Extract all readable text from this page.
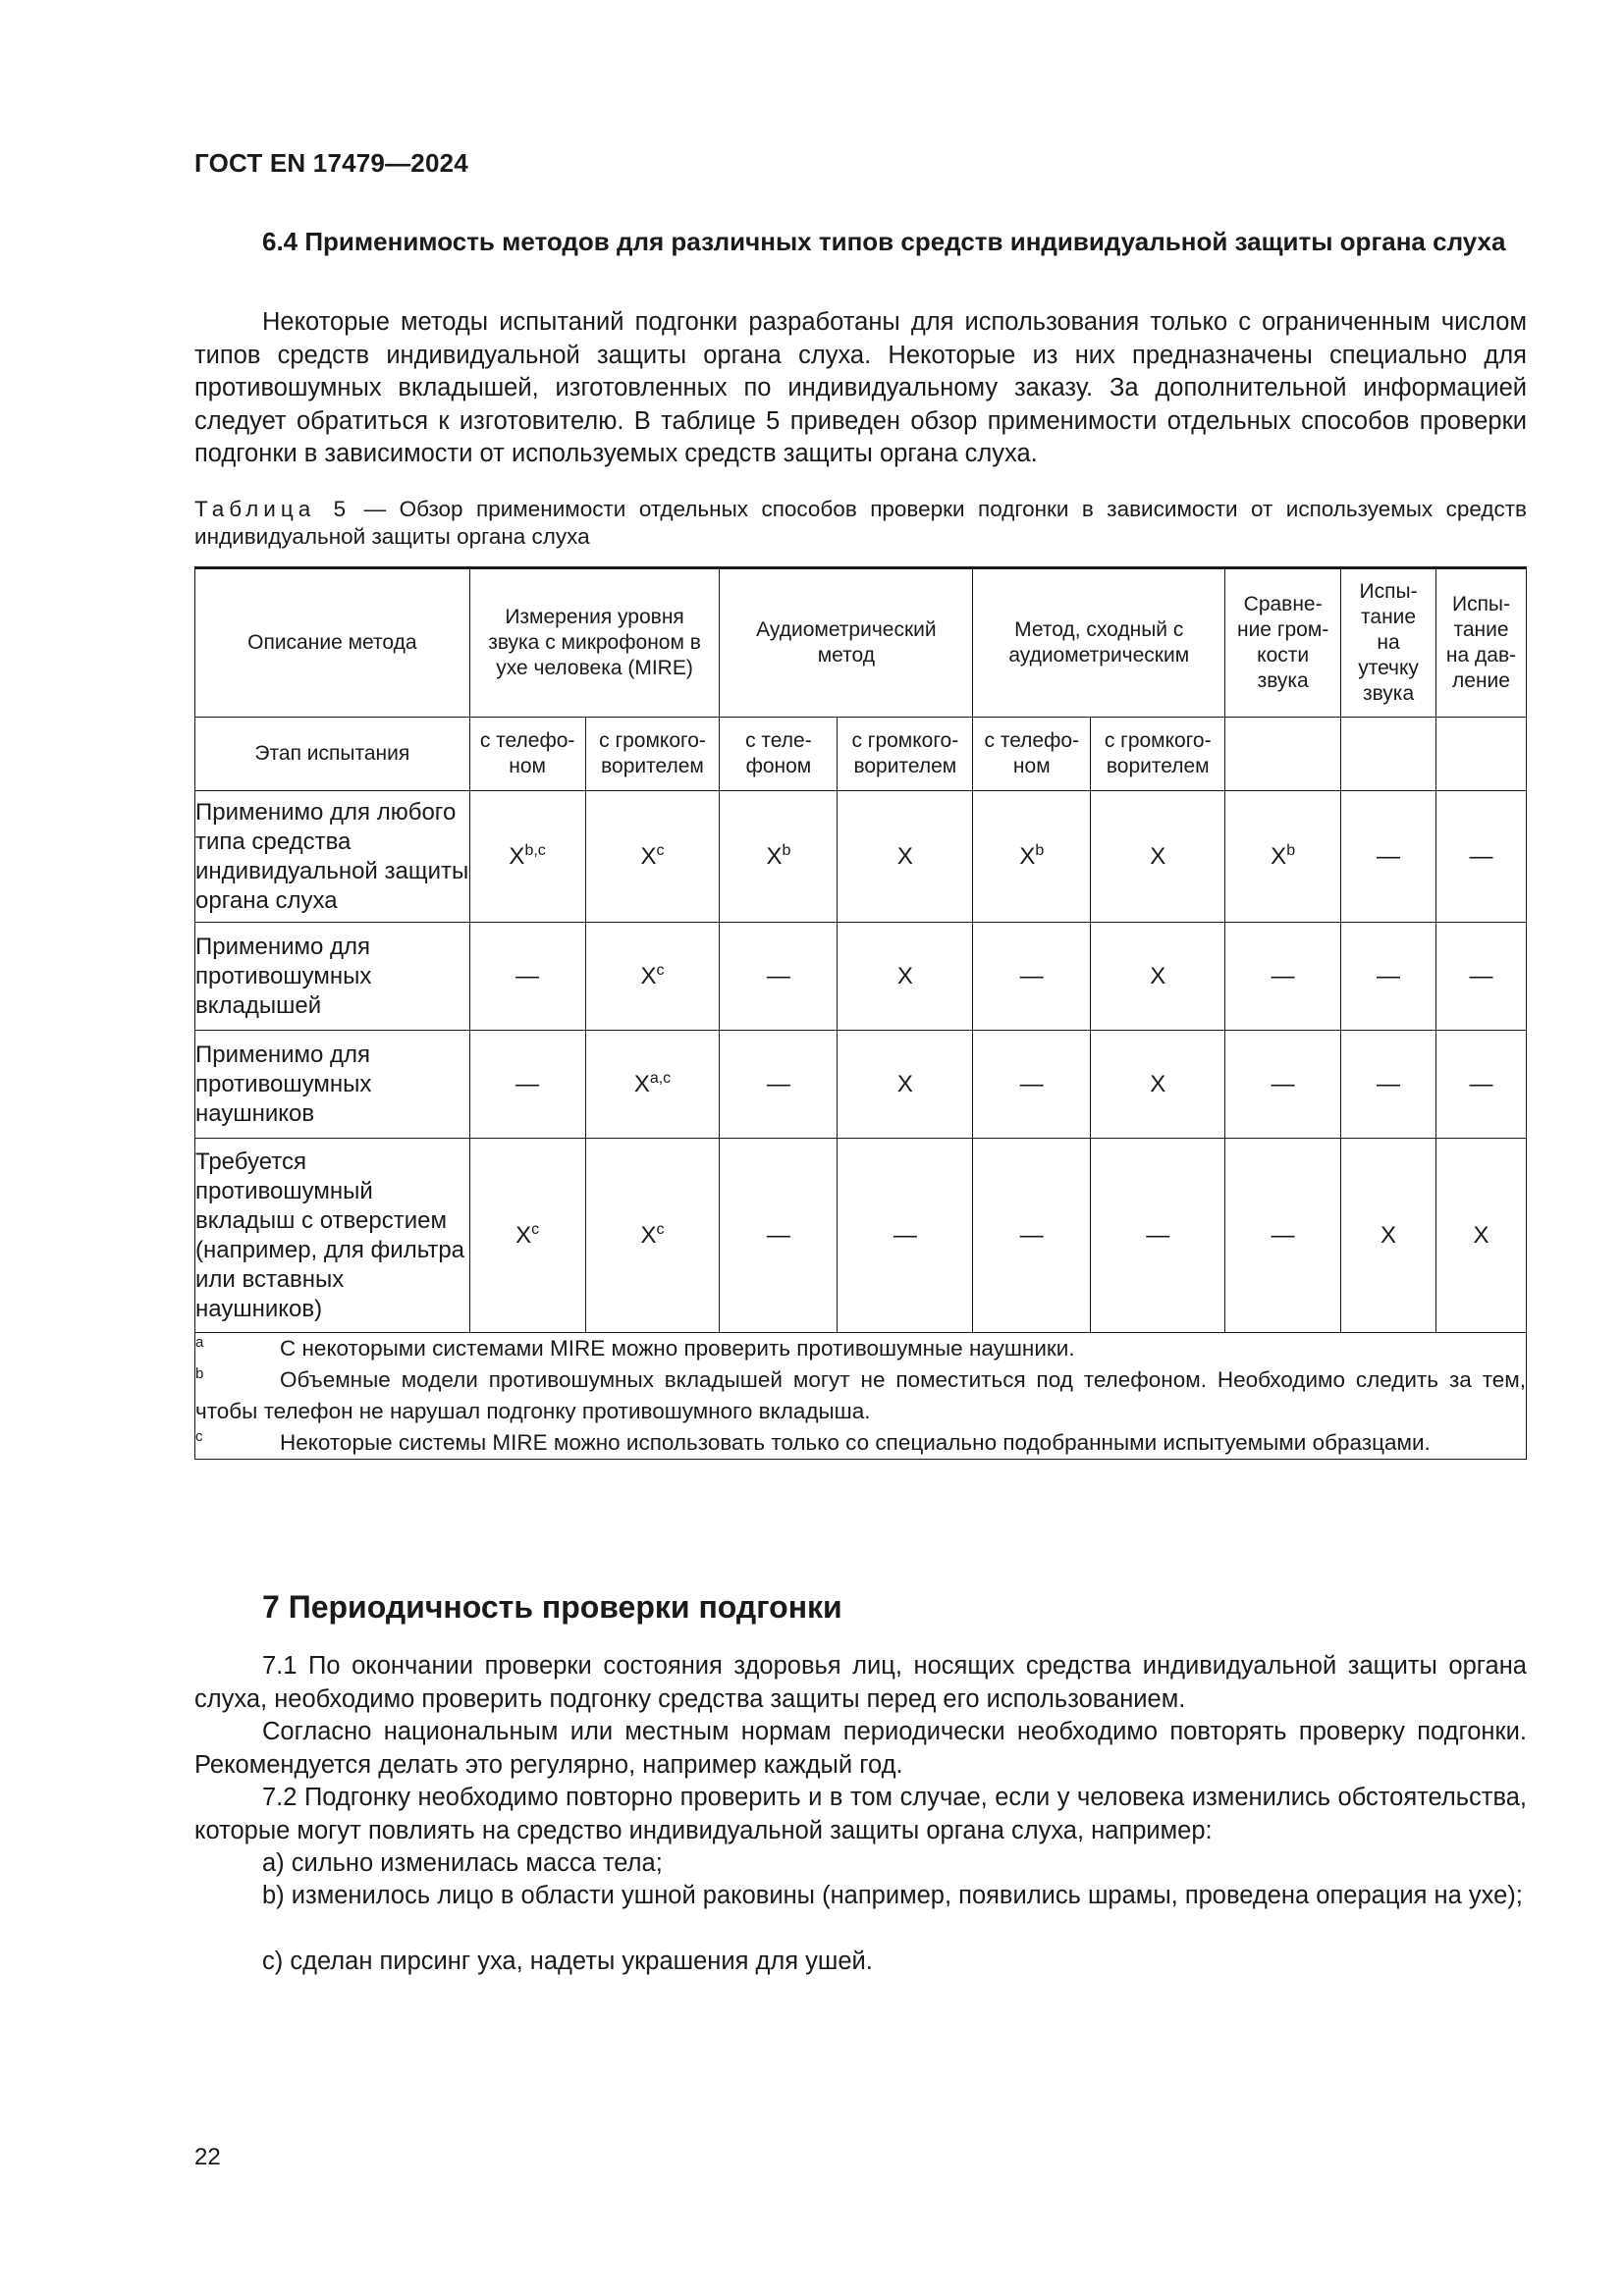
ГОСТ EN 17479—2024
6.4 Применимость методов для различных типов средств индивидуальной защиты органа слуха
Некоторые методы испытаний подгонки разработаны для использования только с ограниченным числом типов средств индивидуальной защиты органа слуха. Некоторые из них предназначены специально для противошумных вкладышей, изготовленных по индивидуальному заказу. За дополнительной информацией следует обратиться к изготовителю. В таблице 5 приведен обзор применимости отдельных способов проверки подгонки в зависимости от используемых средств защиты органа слуха.
Таблица 5 — Обзор применимости отдельных способов проверки подгонки в зависимости от используемых средств индивидуальной защиты органа слуха
Описание метода	Измерения уровня звука с микрофоном в ухе человека (MIRE)		Аудиометрический метод		Метод, сходный с аудиометрическим		Сравне-ние гром-кости звука	Испы-тание на утечку звука	Испы-тание на дав-ление
Этап испытания	с телефо-ном	с громкого-ворителем	с теле-фоном	с громкого-ворителем	с телефо-ном	с громкого-ворителем			
Применимо для любого типа средства индивидуальной защиты органа слуха	X$^{b,c}$	$X^c$	$X^b$	X	$X^b$	X	$X^b$	—	—
Применимо для противошумных вкладышей	—	$X^c$	—	X	—	X	—	—	—
Применимо для противошумных наушников	—	X$^{a,c}$	—	X	—	X	—	—	—
Требуется противошумный вкладыш с отверстием (например, для фильтра или вставных наушников)	$X^c$	$X^c$	—	—	—	—	—	X	X

$^a$ С некоторыми системами MIRE можно проверить противошумные наушники.
$^b$ Объемные модели противошумных вкладышей могут не поместиться под телефоном. Необходимо следить за тем, чтобы телефон не нарушал подгонку противошумного вкладыша.
$^c$ Некоторые системы MIRE можно использовать только со специально подобранными испытуемыми образцами.									
7 Периодичность проверки подгонки
7.1 По окончании проверки состояния здоровья лиц, носящих средства индивидуальной защиты органа слуха, необходимо проверить подгонку средства защиты перед его использованием.
Согласно национальным или местным нормам периодически необходимо повторять проверку подгонки. Рекомендуется делать это регулярно, например каждый год.
7.2 Подгонку необходимо повторно проверить и в том случае, если у человека изменились обстоятельства, которые могут повлиять на средство индивидуальной защиты органа слуха, например:
a) сильно изменилась масса тела;
b) изменилось лицо в области ушной раковины (например, появились шрамы, проведена операция на ухе);
c) сделан пирсинг уха, надеты украшения для ушей.
22
